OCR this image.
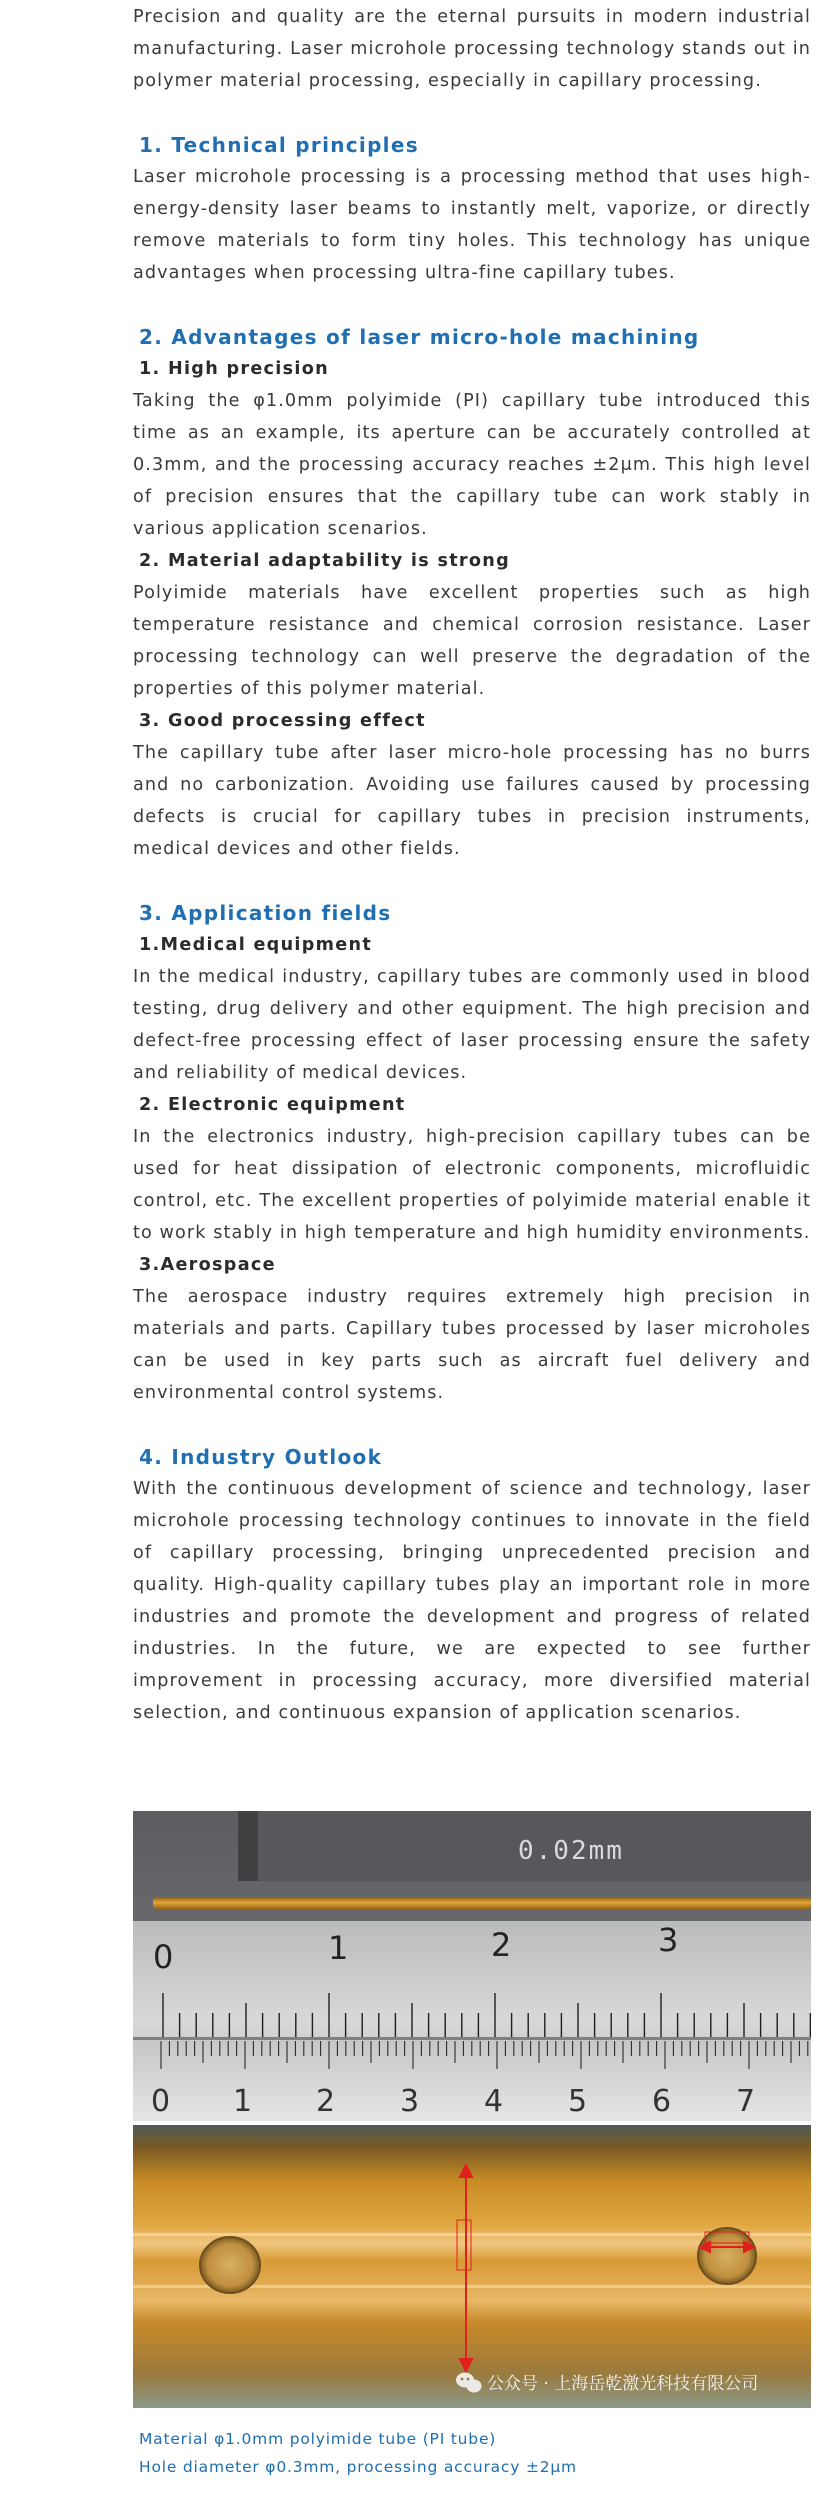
Precision and quality are the eternal pursuits in modern industrial manufacturing. Laser microhole processing technology stands out in polymer material processing, especially in capillary processing.

1. Technical principles

Laser microhole processing is a processing method that uses high-energy-density laser beams to instantly melt, vaporize, or directly remove materials to form tiny holes. This technology has unique advantages when processing ultra-fine capillary tubes.

2. Advantages of laser micro-hole machining
1. High precision

Taking the φ1.0mm polyimide (PI) capillary tube introduced this time as an example, its aperture can be accurately controlled at 0.3mm, and the processing accuracy reaches ±2μm. This high level of precision ensures that the capillary tube can work stably in various application scenarios.

2. Material adaptability is strong

Polyimide materials have excellent properties such as high temperature resistance and chemical corrosion resistance. Laser processing technology can well preserve the degradation of the properties of this polymer material.

3. Good processing effect

The capillary tube after laser micro-hole processing has no burrs and no carbonization. Avoiding use failures caused by processing defects is crucial for capillary tubes in precision instruments, medical devices and other fields.

3. Application fields
1.Medical equipment

In the medical industry, capillary tubes are commonly used in blood testing, drug delivery and other equipment. The high precision and defect-free processing effect of laser processing ensure the safety and reliability of medical devices.

2. Electronic equipment

In the electronics industry, high-precision capillary tubes can be used for heat dissipation of electronic components, microfluidic control, etc. The excellent properties of polyimide material enable it to work stably in high temperature and high humidity environments.

3.Aerospace

The aerospace industry requires extremely high precision in materials and parts. Capillary tubes processed by laser microholes can be used in key parts such as aircraft fuel delivery and environmental control systems.

4. Industry Outlook

With the continuous development of science and technology, laser microhole processing technology continues to innovate in the field of capillary processing, bringing unprecedented precision and quality. High-quality capillary tubes play an important role in more industries and promote the development and progress of related industries. In the future, we are expected to see further improvement in processing accuracy, more diversified material selection, and continuous expansion of application scenarios.

0.02mm
0	1	2	3
0 1 2 3 4 5 6 7
公众号 · 上海岳乾激光科技有限公司
Material φ1.0mm polyimide tube (PI tube)
Hole diameter φ0.3mm, processing accuracy ±2μm
